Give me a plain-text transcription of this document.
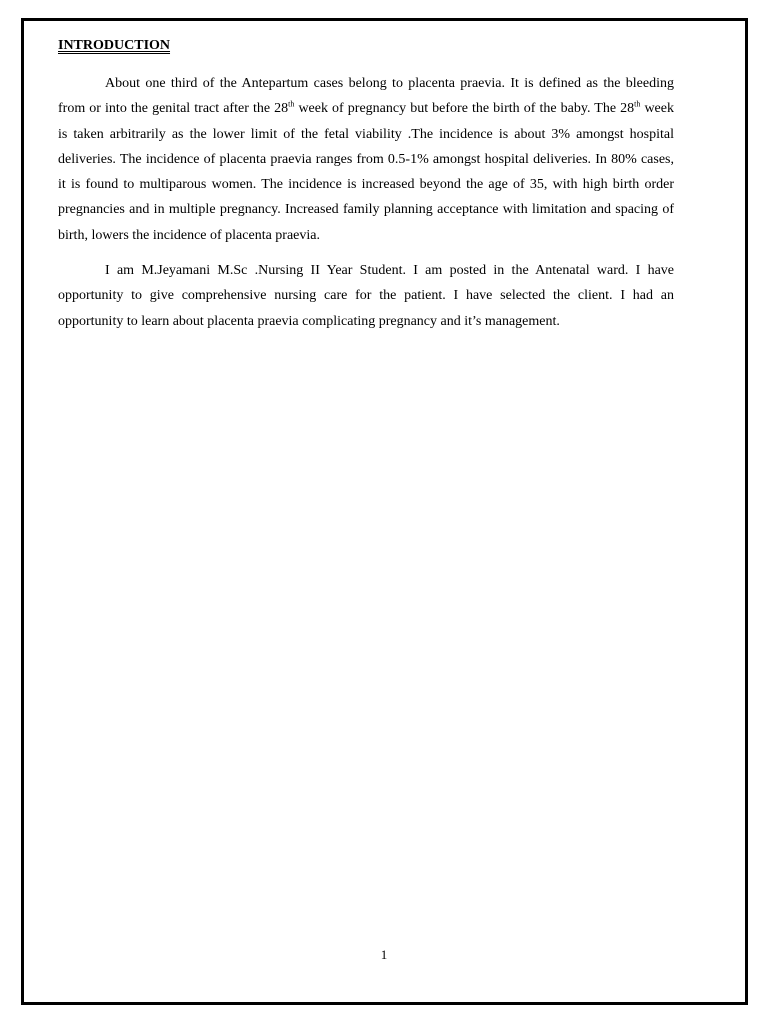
INTRODUCTION

About one third of the Antepartum cases belong to placenta praevia. It is defined as the bleeding from or into the genital tract after the 28th week of pregnancy but before the birth of the baby. The 28th week is taken arbitrarily as the lower limit of the fetal viability .The incidence is about 3% amongst hospital deliveries. The incidence of placenta praevia ranges from 0.5-1% amongst hospital deliveries. In 80% cases, it is found to multiparous women. The incidence is increased beyond the age of 35, with high birth order pregnancies and in multiple pregnancy. Increased family planning acceptance with limitation and spacing of birth, lowers the incidence of placenta praevia.

I am M.Jeyamani M.Sc .Nursing II Year Student. I am posted in the Antenatal ward. I have opportunity to give comprehensive nursing care for the patient. I have selected the client. I had an opportunity to learn about placenta praevia complicating pregnancy and it’s management.

1
